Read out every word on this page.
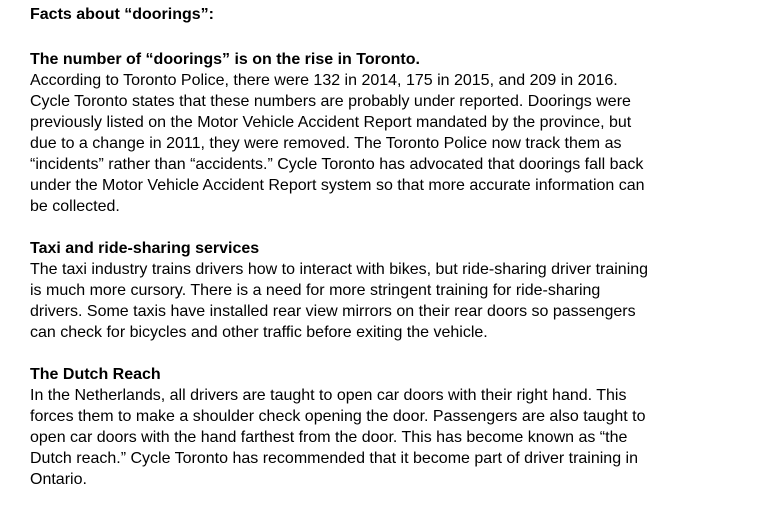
Facts about “doorings”:
The number of “doorings” is on the rise in Toronto.
According to Toronto Police, there were 132 in 2014, 175 in 2015, and 209 in 2016.
Cycle Toronto states that these numbers are probably under reported. Doorings were
previously listed on the Motor Vehicle Accident Report mandated by the province, but
due to a change in 2011, they were removed. The Toronto Police now track them as
“incidents” rather than “accidents.” Cycle Toronto has advocated that doorings fall back
under the Motor Vehicle Accident Report system so that more accurate information can
be collected.
Taxi and ride-sharing services
The taxi industry trains drivers how to interact with bikes, but ride-sharing driver training
is much more cursory. There is a need for more stringent training for ride-sharing
drivers. Some taxis have installed rear view mirrors on their rear doors so passengers
can check for bicycles and other traffic before exiting the vehicle.
The Dutch Reach
In the Netherlands, all drivers are taught to open car doors with their right hand. This
forces them to make a shoulder check opening the door. Passengers are also taught to
open car doors with the hand farthest from the door. This has become known as “the
Dutch reach.” Cycle Toronto has recommended that it become part of driver training in
Ontario.
